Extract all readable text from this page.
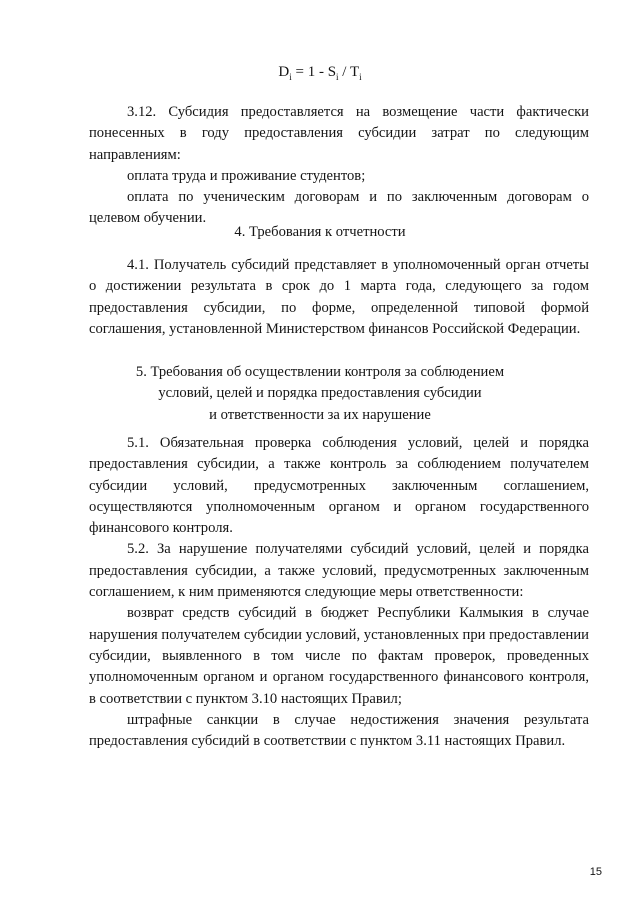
$D_i = 1 - S_i / T_i$

3.12. Субсидия предоставляется на возмещение части фактически понесенных в году предоставления субсидии затрат по следующим направлениям:

оплата труда и проживание студентов;

оплата по ученическим договорам и по заключенным договорам о целевом обучении.

4. Требования к отчетности

4.1. Получатель субсидий представляет в уполномоченный орган отчеты о достижении результата в срок до 1 марта года, следующего за годом предоставления субсидии, по форме, определенной типовой формой соглашения, установленной Министерством финансов Российской Федерации.

5. Требования об осуществлении контроля за соблюдением
условий, целей и порядка предоставления субсидии
и ответственности за их нарушение

5.1. Обязательная проверка соблюдения условий, целей и порядка предоставления субсидии, а также контроль за соблюдением получателем субсидии условий, предусмотренных заключенным соглашением, осуществляются уполномоченным органом и органом государственного финансового контроля.

5.2. За нарушение получателями субсидий условий, целей и порядка предоставления субсидии, а также условий, предусмотренных заключенным соглашением, к ним применяются следующие меры ответственности:

возврат средств субсидий в бюджет Республики Калмыкия в случае нарушения получателем субсидии условий, установленных при предоставлении субсидии, выявленного в том числе по фактам проверок, проведенных уполномоченным органом и органом государственного финансового контроля, в соответствии с пунктом 3.10 настоящих Правил;

штрафные санкции в случае недостижения значения результата предоставления субсидий в соответствии с пунктом 3.11 настоящих Правил.

15
